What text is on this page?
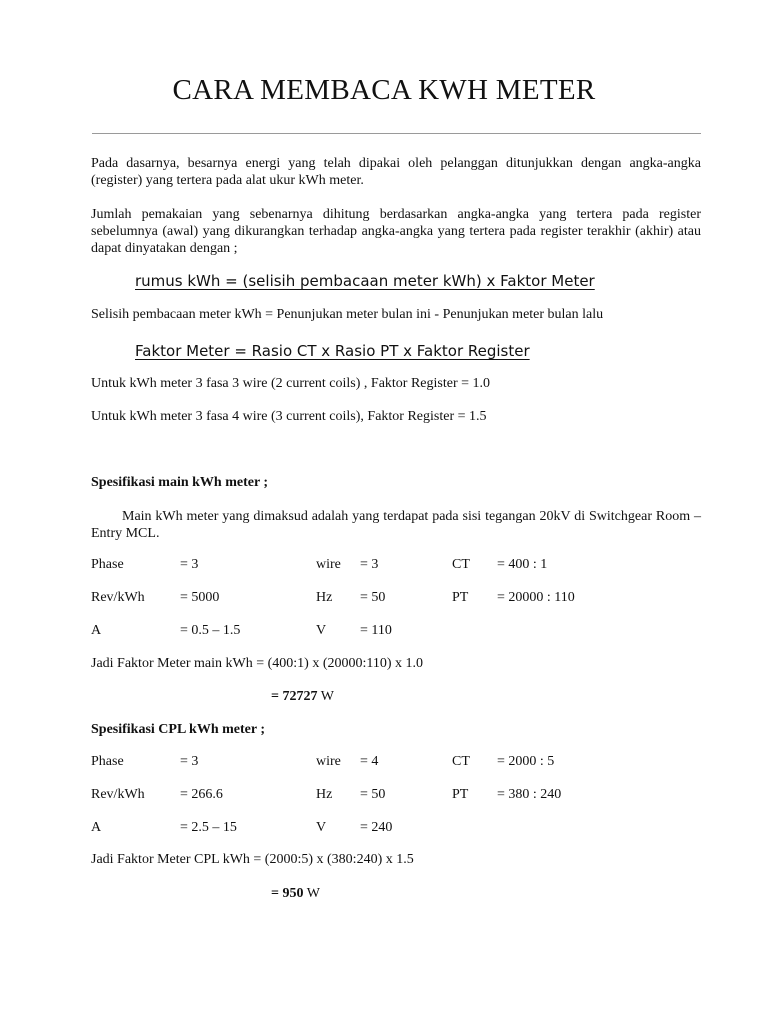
CARA MEMBACA KWH METER
Pada dasarnya, besarnya energi yang telah dipakai oleh pelanggan ditunjukkan dengan angka-angka (register) yang tertera pada alat ukur kWh meter.
Jumlah pemakaian yang sebenarnya dihitung berdasarkan angka-angka yang tertera pada register sebelumnya (awal) yang dikurangkan terhadap angka-angka yang tertera pada register terakhir (akhir) atau dapat dinyatakan dengan ;
rumus kWh = (selisih pembacaan meter kWh) x Faktor Meter
Selisih pembacaan meter kWh = Penunjukan meter bulan ini - Penunjukan meter bulan lalu
Faktor Meter = Rasio CT x Rasio PT x Faktor Register
Untuk kWh meter 3 fasa 3 wire (2 current coils) , Faktor Register = 1.0
Untuk kWh meter 3 fasa 4 wire (3 current coils), Faktor Register = 1.5
Spesifikasi main kWh meter ;
Main kWh meter yang dimaksud adalah yang terdapat pada sisi tegangan 20kV di Switchgear Room – Entry MCL.
Phase	= 3	wire = 3	CT = 400 : 1
Rev/kWh	= 5000	Hz = 50	PT = 20000 : 110
A	= 0.5 – 1.5	V = 110
Jadi Faktor Meter main kWh = (400:1) x (20000:110) x 1.0
= 72727 W
Spesifikasi CPL kWh meter ;
Phase	= 3	wire = 4	CT = 2000 : 5
Rev/kWh	= 266.6	Hz = 50	PT = 380 : 240
A	= 2.5 – 15	V = 240
Jadi Faktor Meter CPL kWh = (2000:5) x (380:240) x 1.5
= 950 W
